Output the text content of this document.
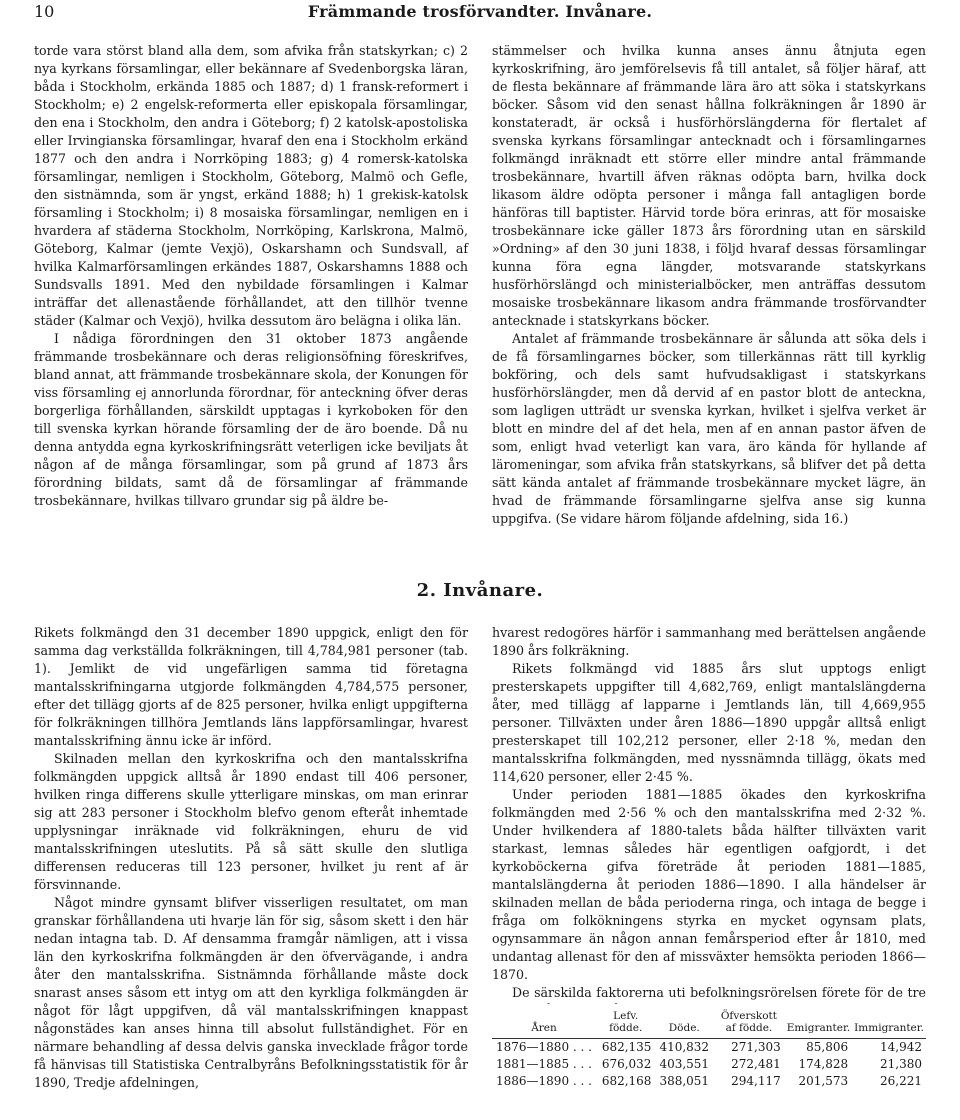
10	Främmande trosförvandter. Invånare.

torde vara störst bland alla dem, som afvika från statskyrkan; c) 2 nya kyrkans församlingar, eller bekännare af Svedenborgska läran, båda i Stockholm, erkända 1885 och 1887; d) 1 fransk-reformert i Stockholm; e) 2 engelsk-reformerta eller episkopala församlingar, den ena i Stockholm, den andra i Göteborg; f) 2 katolsk-apostoliska eller Irvingianska församlingar, hvaraf den ena i Stockholm erkänd 1877 och den andra i Norrköping 1883; g) 4 romersk-katolska församlingar, nemligen i Stockholm, Göteborg, Malmö och Gefle, den sistnämnda, som är yngst, erkänd 1888; h) 1 grekisk-katolsk församling i Stockholm; i) 8 mosaiska församlingar, nemligen en i hvardera af städerna Stockholm, Norrköping, Karlskrona, Malmö, Göteborg, Kalmar (jemte Vexjö), Oskarshamn och Sundsvall, af hvilka Kalmarförsamlingen erkändes 1887, Oskarshamns 1888 och Sundsvalls 1891. Med den nybildade församlingen i Kalmar inträffar det allenastående förhållandet, att den tillhör tvenne städer (Kalmar och Vexjö), hvilka dessutom äro belägna i olika län.

I nådiga förordningen den 31 oktober 1873 angående främmande trosbekännare och deras religionsöfning föreskrifves, bland annat, att främmande trosbekännare skola, der Konungen för viss församling ej annorlunda förordnar, för anteckning öfver deras borgerliga förhållanden, särskildt upptagas i kyrkoboken för den till svenska kyrkan hörande församling der de äro boende. Då nu denna antydda egna kyrkoskrifningsrätt veterligen icke beviljats åt någon af de många församlingar, som på grund af 1873 års förordning bildats, samt då de församlingar af främmande trosbekännare, hvilkas tillvaro grundar sig på äldre be-

stämmelser och hvilka kunna anses ännu åtnjuta egen kyrkoskrifning, äro jemförelsevis få till antalet, så följer häraf, att de flesta bekännare af främmande lära äro att söka i statskyrkans böcker. Såsom vid den senast hållna folkräkningen år 1890 är konstateradt, är också i husförhörslängderna för flertalet af svenska kyrkans församlingar antecknadt och i församlingarnes folkmängd inräknadt ett större eller mindre antal främmande trosbekännare, hvartill äfven räknas odöpta barn, hvilka dock likasom äldre odöpta personer i många fall antagligen borde hänföras till baptister. Härvid torde böra erinras, att för mosaiske trosbekännare icke gäller 1873 års förordning utan en särskild »Ordning» af den 30 juni 1838, i följd hvaraf dessas församlingar kunna föra egna längder, motsvarande statskyrkans husförhörslängd och ministerialböcker, men anträffas dessutom mosaiske trosbekännare likasom andra främmande trosförvandter antecknade i statskyrkans böcker.

Antalet af främmande trosbekännare är sålunda att söka dels i de få församlingarnes böcker, som tillerkännas rätt till kyrklig bokföring, och dels samt hufvudsakligast i statskyrkans husförhörslängder, men då dervid af en pastor blott de anteckna, som lagligen utträdt ur svenska kyrkan, hvilket i sjelfva verket är blott en mindre del af det hela, men af en annan pastor äfven de som, enligt hvad veterligt kan vara, äro kända för hyllande af läromeningar, som afvika från statskyrkans, så blifver det på detta sätt kända antalet af främmande trosbekännare mycket lägre, än hvad de främmande församlingarne sjelfva anse sig kunna uppgifva. (Se vidare härom följande afdelning, sida 16.)

2. Invånare.

Rikets folkmängd den 31 december 1890 uppgick, enligt den för samma dag verkställda folkräkningen, till 4,784,981 personer (tab. 1). Jemlikt de vid ungefärligen samma tid företagna mantalsskrifningarna utgjorde folkmängden 4,784,575 personer, efter det tillägg gjorts af de 825 personer, hvilka enligt uppgifterna för folkräkningen tillhöra Jemtlands läns lappförsamlingar, hvarest mantalsskrifning ännu icke är införd.

Skilnaden mellan den kyrkoskrifna och den mantalsskrifna folkmängden uppgick alltså år 1890 endast till 406 personer, hvilken ringa differens skulle ytterligare minskas, om man erinrar sig att 283 personer i Stockholm blefvo genom efteråt inhemtade upplysningar inräknade vid folkräkningen, ehuru de vid mantalsskrifningen uteslutits. På så sätt skulle den slutliga differensen reduceras till 123 personer, hvilket ju rent af är försvinnande.

Något mindre gynsamt blifver visserligen resultatet, om man granskar förhållandena uti hvarje län för sig, såsom skett i den här nedan intagna tab. D. Af densamma framgår nämligen, att i vissa län den kyrkoskrifna folkmängden är den öfvervägande, i andra åter den mantalsskrifna. Sistnämnda förhållande måste dock snarast anses såsom ett intyg om att den kyrkliga folkmängden är något för lågt uppgifven, då väl mantalsskrifningen knappast någonstädes kan anses hinna till absolut fullständighet. För en närmare behandling af dessa delvis ganska invecklade frågor torde få hänvisas till Statistiska Centralbyråns Befolkningsstatistik för år 1890, Tredje afdelningen,

hvarest redogöres härför i sammanhang med berättelsen angående 1890 års folkräkning.

Rikets folkmängd vid 1885 års slut upptogs enligt presterskapets uppgifter till 4,682,769, enligt mantalslängderna åter, med tillägg af lapparne i Jemtlands län, till 4,669,955 personer. Tillväxten under åren 1886—1890 uppgår alltså enligt presterskapet till 102,212 personer, eller 2·18 %, medan den mantalsskrifna folkmängden, med nyssnämnda tillägg, ökats med 114,620 personer, eller 2·45 %.

Under perioden 1881—1885 ökades den kyrkoskrifna folkmängden med 2·56 % och den mantalsskrifna med 2·32 %. Under hvilkendera af 1880-talets båda hälfter tillväxten varit starkast, lemnas således här egentligen oafgjordt, i det kyrkoböckerna gifva företräde åt perioden 1881—1885, mantalslängderna åt perioden 1886—1890. I alla händelser är skilnaden mellan de båda perioderna ringa, och intaga de begge i fråga om folkökningens styrka en mycket ogynsam plats, ogynsammare än någon annan femårsperiod efter år 1810, med undantag allenast för den af missväxter hemsökta perioden 1866—1870.

De särskilda faktorerna uti befolkningsrörelsen förete för de tre

Åren	Lefv. födde.	Döde.	Öfverskott af födde.	Emigranter.	Immigranter.
1876—1880 . . .	682,135	410,832	271,303	85,806	14,942
1881—1885 . . .	676,032	403,551	272,481	174,828	21,380
1886—1890 . . .	682,168	388,051	294,117	201,573	26,221
